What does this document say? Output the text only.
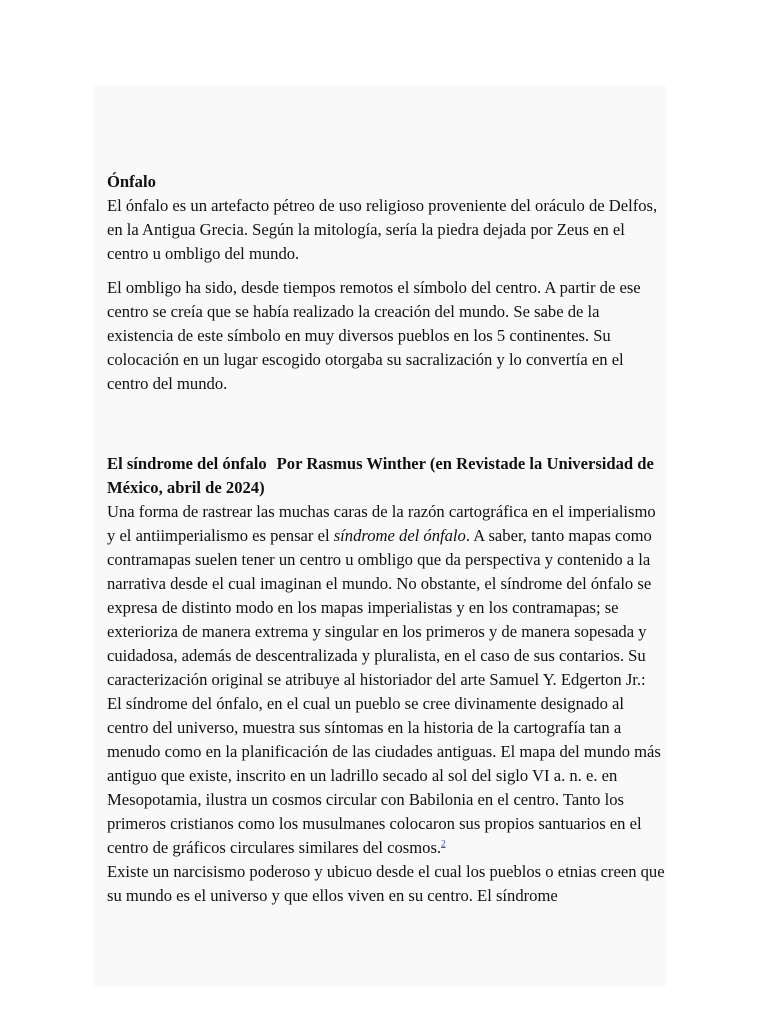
Ónfalo

El ónfalo es un artefacto pétreo de uso religioso proveniente del oráculo de Delfos, en la Antigua Grecia. Según la mitología, sería la piedra dejada por Zeus en el centro u ombligo del mundo.

El ombligo ha sido, desde tiempos remotos el símbolo del centro. A partir de ese centro se creía que se había realizado la creación del mundo. Se sabe de la existencia de este símbolo en muy diversos pueblos en los 5 continentes. Su colocación en un lugar escogido otorgaba su sacralización y lo convertía en el centro del mundo.

El síndrome del ónfalo Por Rasmus Winther (en Revistade la Universidad de México, abril de 2024)

Una forma de rastrear las muchas caras de la razón cartográfica en el imperialismo y el antiimperialismo es pensar el síndrome del ónfalo. A saber, tanto mapas como contramapas suelen tener un centro u ombligo que da perspectiva y contenido a la narrativa desde el cual imaginan el mundo. No obstante, el síndrome del ónfalo se expresa de distinto modo en los mapas imperialistas y en los contramapas; se exterioriza de manera extrema y singular en los primeros y de manera sopesada y cuidadosa, además de descentralizada y pluralista, en el caso de sus contarios. Su caracterización original se atribuye al historiador del arte Samuel Y. Edgerton Jr.:

El síndrome del ónfalo, en el cual un pueblo se cree divinamente designado al centro del universo, muestra sus síntomas en la historia de la cartografía tan a menudo como en la planificación de las ciudades antiguas. El mapa del mundo más antiguo que existe, inscrito en un ladrillo secado al sol del siglo VI a. n. e. en Mesopotamia, ilustra un cosmos circular con Babilonia en el centro. Tanto los primeros cristianos como los musulmanes colocaron sus propios santuarios en el centro de gráficos circulares similares del cosmos.$^2$

Existe un narcisismo poderoso y ubicuo desde el cual los pueblos o etnias creen que su mundo es el universo y que ellos viven en su centro. El síndrome
